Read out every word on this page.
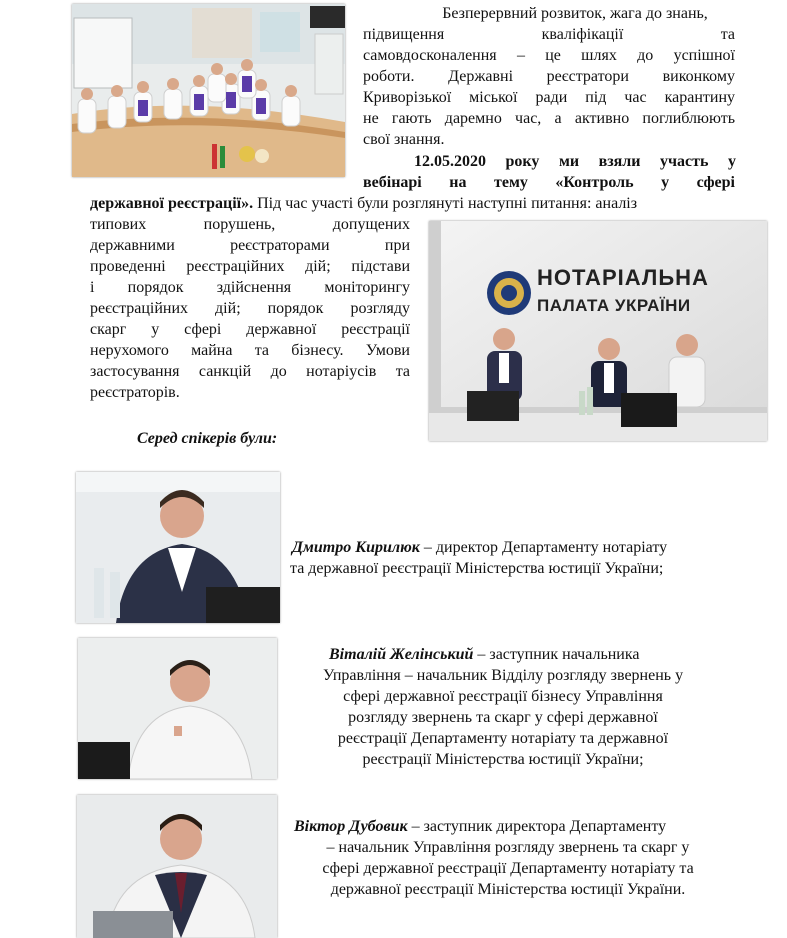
Безперервний розвиток, жага до знань,
підвищення кваліфікації та
самовдосконалення – це шлях до успішної
роботи. Державні реєстратори виконкому
Криворізької міської ради під час карантину
не гають даремно час, а активно поглиблюють
свої знання.
12.05.2020 року ми взяли участь у
вебінарі на тему «Контроль у сфері
державної реєстрації». Під час участі були розглянуті наступні питання: аналіз
типових порушень, допущених
державними реєстраторами при
проведенні реєстраційних дій; підстави
і порядок здійснення моніторингу
реєстраційних дій; порядок розгляду
скарг у сфері державної реєстрації
нерухомого майна та бізнесу. Умови
застосування санкцій до нотаріусів та
реєстраторів.
НОТАРІАЛЬНА
ПАЛАТА УКРАЇНИ
Серед спікерів були:
Дмитро Кирилюк – директор Департаменту нотаріату
та державної реєстрації Міністерства юстиції України;
Віталій Желінський – заступник начальника
Управління – начальник Відділу розгляду звернень у
сфері державної реєстрації бізнесу Управління
розгляду звернень та скарг у сфері державної
реєстрації Департаменту нотаріату та державної
реєстрації Міністерства юстиції України;
Віктор Дубовик – заступник директора Департаменту
– начальник Управління розгляду звернень та скарг у
сфері державної реєстрації Департаменту нотаріату та
державної реєстрації Міністерства юстиції України.
